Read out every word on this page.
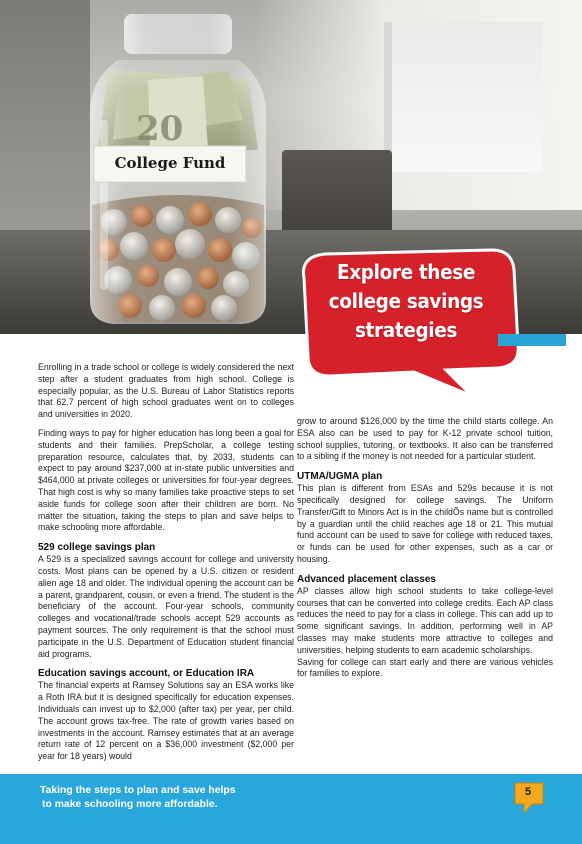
College Fund
Explore these
college savings
strategies

Enrolling in a trade school or college is widely considered the next step after a student graduates from high school. College is especially popular, as the U.S. Bureau of Labor Statistics reports that 62.7 percent of high school graduates went on to colleges and universities in 2020.

Finding ways to pay for higher education has long been a goal for students and their families. PrepScholar, a college testing preparation resource, calculates that, by 2033, students can expect to pay around $237,000 at in-state public universities and $464,000 at private colleges or universities for four-year degrees. That high cost is why so many families take proactive steps to set aside funds for college soon after their children are born. No matter the situation, taking the steps to plan and save helps to make schooling more affordable.

529 college savings plan

A 529 is a specialized savings account for college and university costs. Most plans can be opened by a U.S. citizen or resident alien age 18 and older. The individual opening the account can be a parent, grandparent, cousin, or even a friend. The student is the beneficiary of the account. Four-year schools, community colleges and vocational/trade schools accept 529 accounts as payment sources. The only requirement is that the school must participate in the U.S. Department of Education student financial aid programs.

Education savings account, or Education IRA

The financial experts at Ramsey Solutions say an ESA works like a Roth IRA but it is designed specifically for education expenses. Individuals can invest up to $2,000 (after tax) per year, per child. The account grows tax-free. The rate of growth varies based on investments in the account. Ramsey estimates that at an average return rate of 12 percent on a $36,000 investment ($2,000 per year for 18 years) would

grow to around $126,000 by the time the child starts college. An ESA also can be used to pay for K-12 private school tuition, school supplies, tutoring, or textbooks. It also can be transferred to a sibling if the money is not needed for a particular student.

UTMA/UGMA plan

This plan is different from ESAs and 529s because it is not specifically designed for college savings. The Uniform Transfer/Gift to Minors Act is in the childÕs name but is controlled by a guardian until the child reaches age 18 or 21. This mutual fund account can be used to save for college with reduced taxes, or funds can be used for other expenses, such as a car or housing.

Advanced placement classes

AP classes allow high school students to take college-level courses that can be converted into college credits. Each AP class reduces the need to pay for a class in college. This can add up to some significant savings. In addition, performing well in AP classes may make students more attractive to colleges and universities, helping students to earn academic scholarships.

Saving for college can start early and there are various vehicles for families to explore.

Taking the steps to plan and save helps
to make schooling more affordable.
5
